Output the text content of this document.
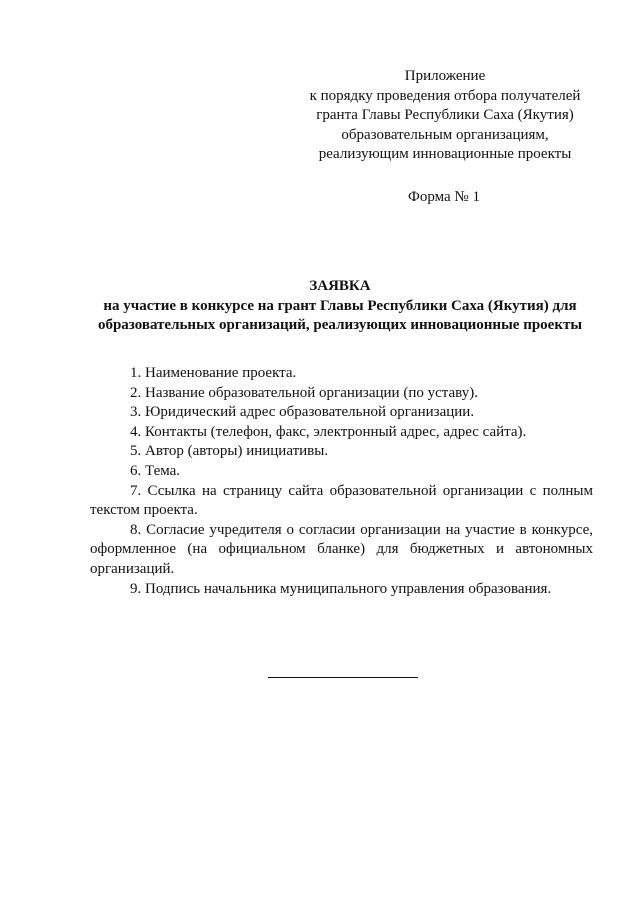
Приложение
к порядку проведения отбора получателей
гранта Главы Республики Саха (Якутия)
образовательным организациям,
реализующим инновационные проекты
Форма № 1
ЗАЯВКА
на участие в конкурсе на грант Главы Республики Саха (Якутия) для
образовательных организаций, реализующих инновационные проекты

1. Наименование проекта.

2. Название образовательной организации (по уставу).

3. Юридический адрес образовательной организации.

4. Контакты (телефон, факс, электронный адрес, адрес сайта).

5. Автор (авторы) инициативы.

6. Тема.

7. Ссылка на страницу сайта образовательной организации с полным текстом проекта.

8. Согласие учредителя о согласии организации на участие в конкурсе, оформленное (на официальном бланке) для бюджетных и автономных организаций.

9. Подпись начальника муниципального управления образования.
